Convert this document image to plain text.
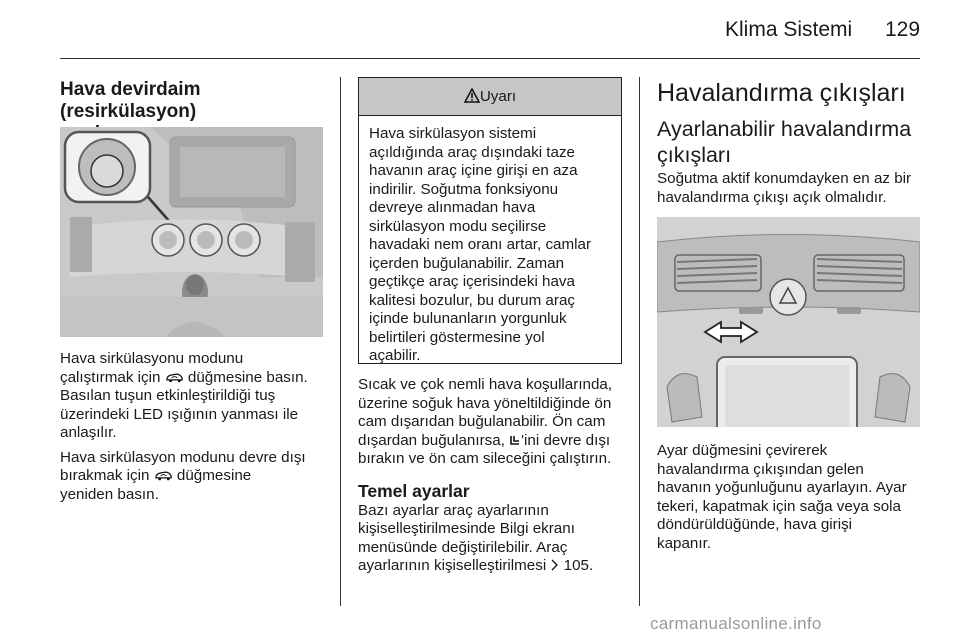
Klima Sistemi 129

Hava devirdaim (resirkülasyon)

Hava sirkülasyonu modunu
çalıştırmak için  düğmesine basın.
Basılan tuşun etkinleştirildiği tuş
üzerindeki LED ışığının yanması ile
anlaşılır.

Hava sirkülasyon modunu devre dışı
bırakmak için  düğmesine
yeniden basın.

Uyarı
Hava sirkülasyon sistemi
açıldığında araç dışındaki taze
havanın araç içine girişi en aza
indirilir. Soğutma fonksiyonu
devreye alınmadan hava
sirkülasyon modu seçilirse
havadaki nem oranı artar, camlar
içerden buğulanabilir. Zaman
geçtikçe araç içerisindeki hava
kalitesi bozulur, bu durum araç
içinde bulunanların yorgunluk
belirtileri göstermesine yol
açabilir.

Sıcak ve çok nemli hava koşullarında,
üzerine soğuk hava yöneltildiğinde ön
cam dışarıdan buğulanabilir. Ön cam
dışardan buğulanırsa, 'ini devre dışı
bırakın ve ön cam sileceğini çalıştırın.

Temel ayarlar

Bazı ayarlar araç ayarlarının
kişiselleştirilmesinde Bilgi ekranı
menüsünde değiştirilebilir. Araç
ayarlarının kişiselleştirilmesi  105.

Havalandırma çıkışları

Ayarlanabilir havalandırma
çıkışları

Soğutma aktif konumdayken en az bir
havalandırma çıkışı açık olmalıdır.

Ayar düğmesini çevirerek
havalandırma çıkışından gelen
havanın yoğunluğunu ayarlayın. Ayar
tekeri, kapatmak için sağa veya sola
döndürüldüğünde, hava girişi
kapanır.

carmanualsonline.info
